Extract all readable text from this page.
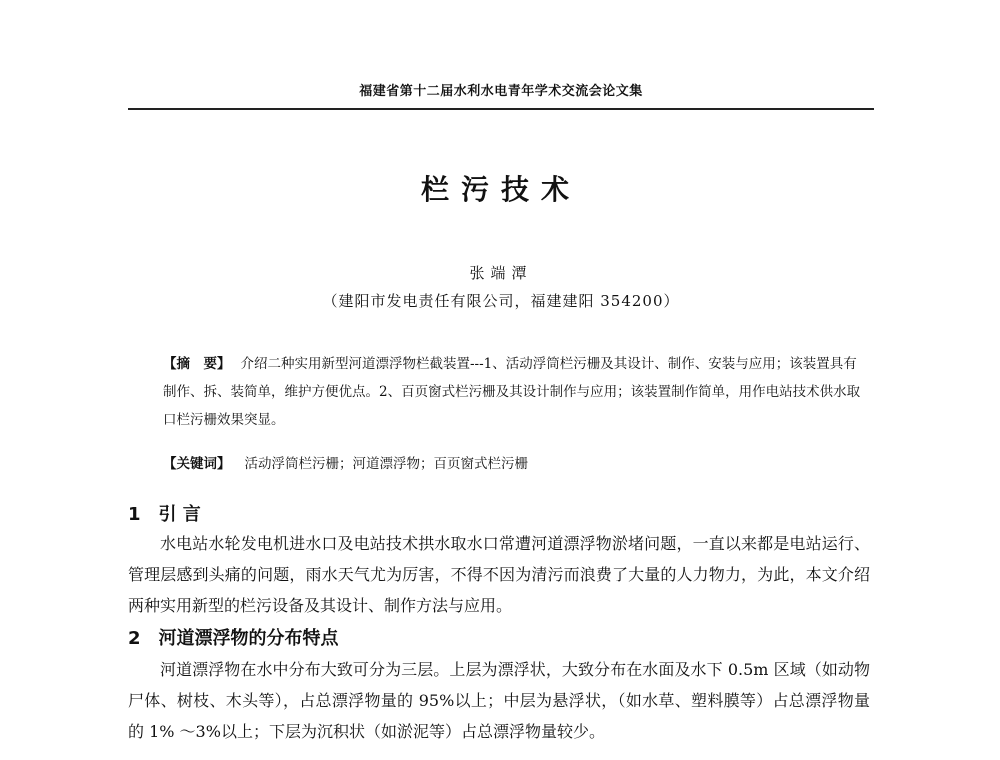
福建省第十二届水利水电青年学术交流会论文集
栏污技术
张端潭
（建阳市发电责任有限公司，福建建阳 354200）
【摘　要】 介绍二种实用新型河道漂浮物栏截装置---1、活动浮筒栏污栅及其设计、制作、安装与应用；该装置具有制作、拆、装简单，维护方便优点。2、百页窗式栏污栅及其设计制作与应用；该装置制作简单，用作电站技术供水取口栏污栅效果突显。
【关键词】 活动浮筒栏污栅；河道漂浮物；百页窗式栏污栅
1 引 言
水电站水轮发电机进水口及电站技术拱水取水口常遭河道漂浮物淤堵问题，一直以来都是电站运行、管理层感到头痛的问题，雨水天气尤为厉害，不得不因为清污而浪费了大量的人力物力，为此，本文介绍两种实用新型的栏污设备及其设计、制作方法与应用。
2 河道漂浮物的分布特点
河道漂浮物在水中分布大致可分为三层。上层为漂浮状，大致分布在水面及水下 0.5m 区域（如动物尸体、树枝、木头等），占总漂浮物量的 95%以上；中层为悬浮状，（如水草、塑料膜等）占总漂浮物量的 1% ～3%以上；下层为沉积状（如淤泥等）占总漂浮物量较少。
